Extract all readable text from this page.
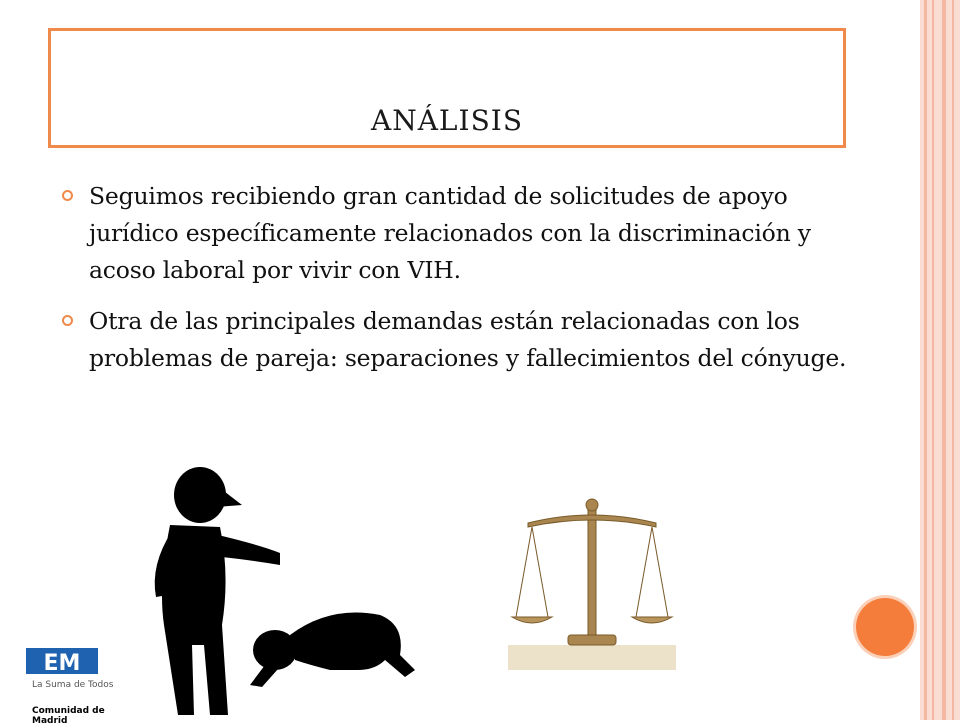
ANÁLISIS
Seguimos recibiendo gran cantidad de solicitudes de apoyo jurídico específicamente relacionados con la discriminación y acoso laboral por vivir con VIH.
Otra de las principales demandas están relacionadas con los problemas de pareja: separaciones y fallecimientos del cónyuge.
EM
La Suma de Todos
Comunidad de Madrid
